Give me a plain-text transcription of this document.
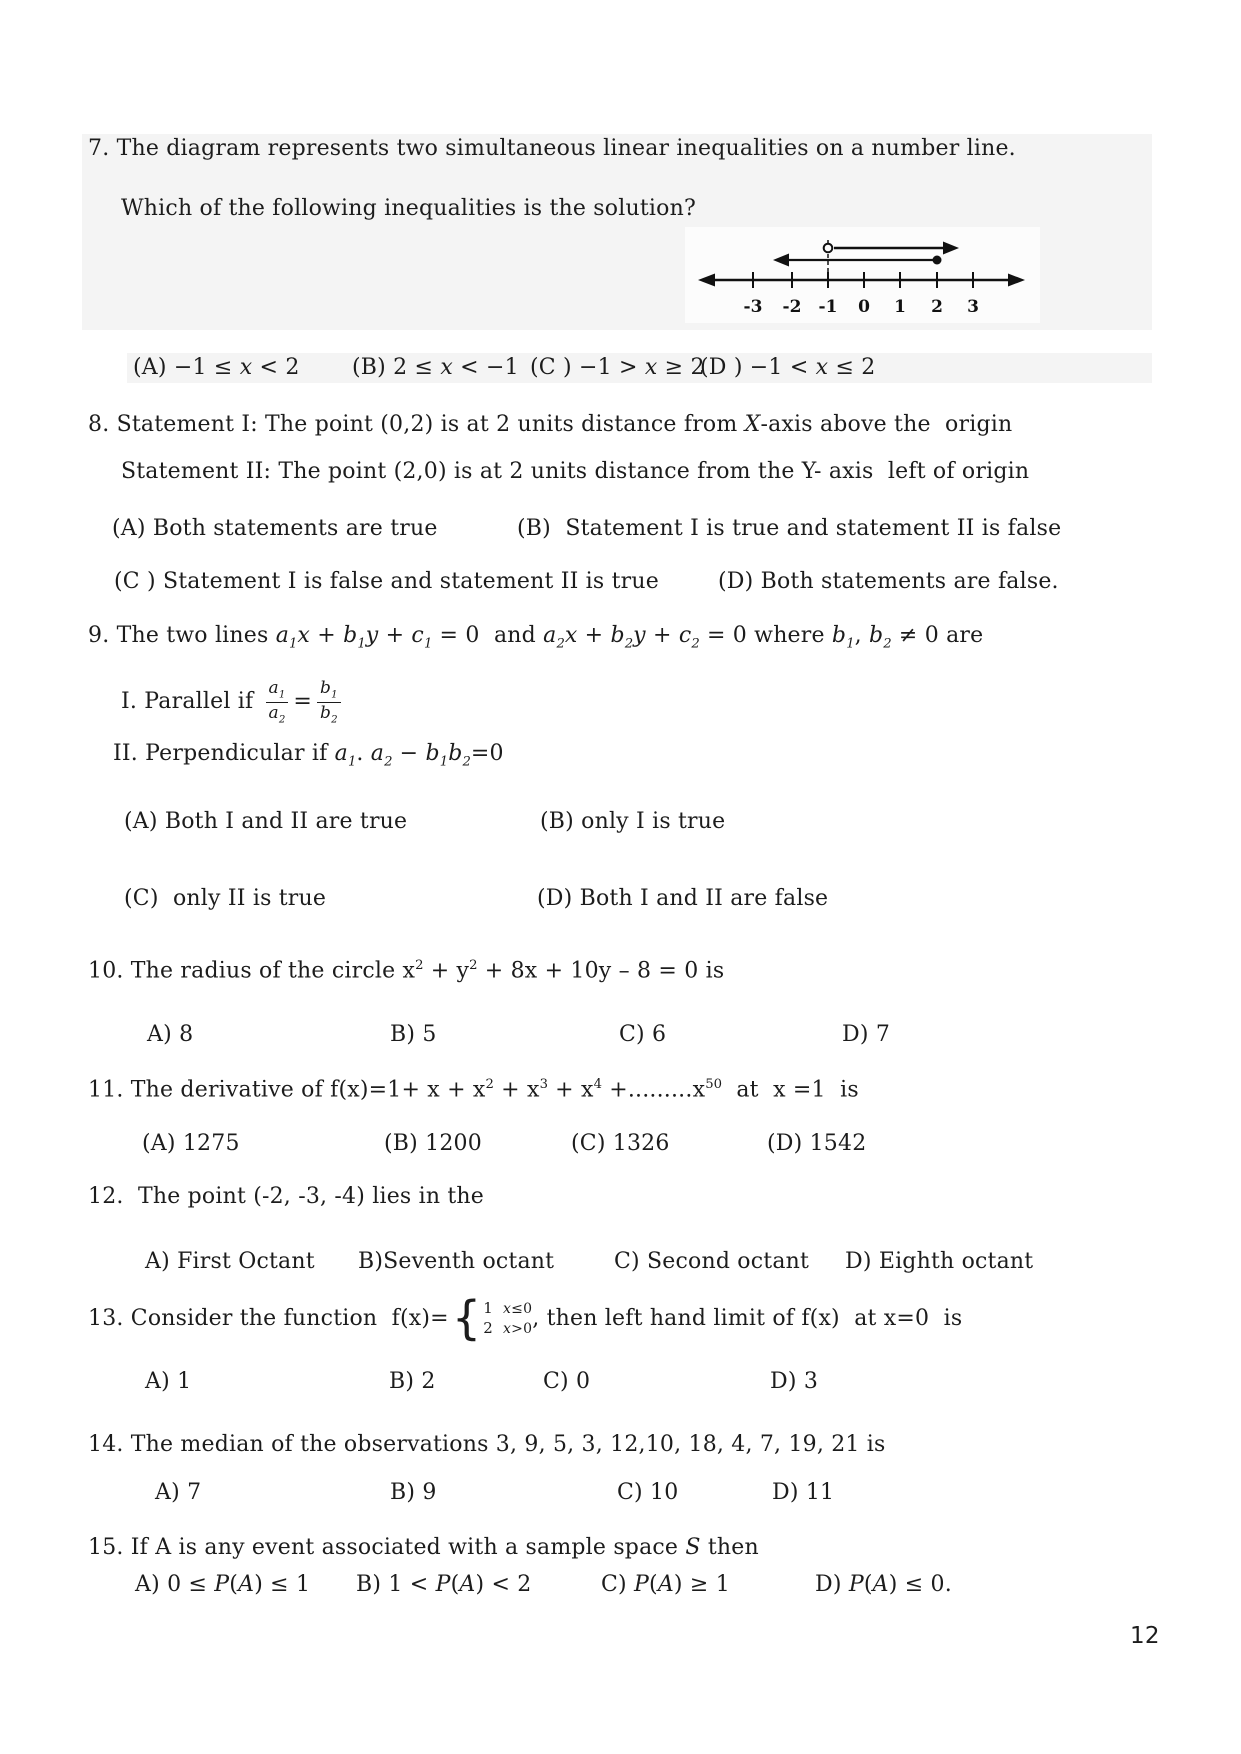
7. The diagram represents two simultaneous linear inequalities on a number line.
Which of the following inequalities is the solution?
-3 -2 -1 0 1 2 3
(A) −1 ≤ x < 2 (B) 2 ≤ x < −1 (C ) −1 > x ≥ 2
(D ) −1 < x ≤ 2
8. Statement I: The point (0,2) is at 2 units distance from X-axis above the  origin
Statement II: The point (2,0) is at 2 units distance from the Y- axis  left of origin
(A) Both statements are true	(B)  Statement I is true and statement II is false
(C ) Statement I is false and statement II is true	(D) Both statements are false.
9. The two lines $a_1x + b_1y + c_1 = 0$  and $a_2x + b_2y + c_2 = 0$ where $b_1$, $b_2 \ne 0$ are
I. Parallel if $\frac{a_1}{a_2} = \frac{b_1}{b_2}$
II. Perpendicular if $a_1$. $a_2 - b_1b_2=0$
(A) Both I and II are true	(B) only I is true
(C)  only II is true	(D) Both I and II are false
10. The radius of the circle $x^2 + y^2 + 8x + 10y - 8 = 0$ is
A) 8	B) 5	C) 6	D) 7
11. The derivative of $f(x)=1+ x + x^2 + x^3 + x^4 +.........x^{50}$  at  x =1  is
(A) 1275	(B) 1200	(C) 1326	(D) 1542
12.  The point (-2, -3, -4) lies in the
A) First Octant B)Seventh octant	C) Second octant D) Eighth octant
13. Consider the function  f(x)= { 1 x≤0
2 x>0 , then left hand limit of f(x)  at x=0  is
A) 1	B) 2	C) 0	D) 3
14. The median of the observations 3, 9, 5, 3, 12,10, 18, 4, 7, 19, 21 is
A) 7	B) 9	C) 10	D) 11
15. If A is any event associated with a sample space S then
A) 0 ≤ P(A) ≤ 1 B) 1 < P(A) < 2	C) P(A) ≥ 1	D) P(A) ≤ 0.
12
